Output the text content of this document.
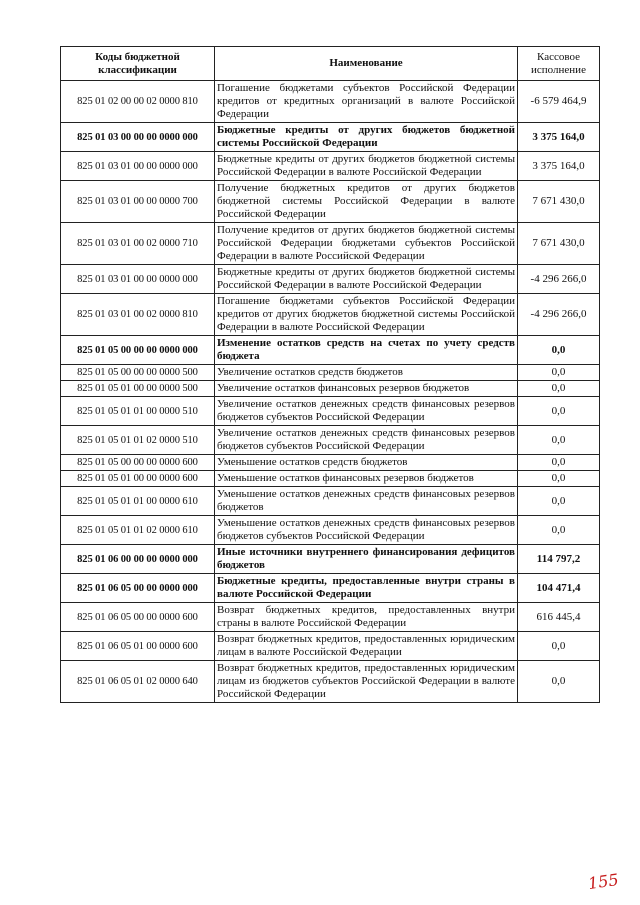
Коды бюджетной классификации	Наименование	Кассовое исполнение
825 01 02 00 00 02 0000 810	Погашение бюджетами субъектов Российской Федерации кредитов от кредитных организаций в валюте Российской Федерации	-6 579 464,9
825 01 03 00 00 00 0000 000	Бюджетные кредиты от других бюджетов бюджетной системы Российской Федерации	3 375 164,0
825 01 03 01 00 00 0000 000	Бюджетные кредиты от других бюджетов бюджетной системы Российской Федерации в валюте Российской Федерации	3 375 164,0
825 01 03 01 00 00 0000 700	Получение бюджетных кредитов от других бюджетов бюджетной системы Российской Федерации в валюте Российской Федерации	7 671 430,0
825 01 03 01 00 02 0000 710	Получение кредитов от других бюджетов бюджетной системы Российской Федерации бюджетами субъектов Российской Федерации в валюте Российской Федерации	7 671 430,0
825 01 03 01 00 00 0000 000	Бюджетные кредиты от других бюджетов бюджетной системы Российской Федерации в валюте Российской Федерации	-4 296 266,0
825 01 03 01 00 02 0000 810	Погашение бюджетами субъектов Российской Федерации кредитов от других бюджетов бюджетной системы Российской Федерации в валюте Российской Федерации	-4 296 266,0
825 01 05 00 00 00 0000 000	Изменение остатков средств на счетах по учету средств бюджета	0,0
825 01 05 00 00 00 0000 500	Увеличение остатков средств бюджетов	0,0
825 01 05 01 00 00 0000 500	Увеличение остатков финансовых резервов бюджетов	0,0
825 01 05 01 01 00 0000 510	Увеличение остатков денежных средств финансовых резервов бюджетов субъектов Российской Федерации	0,0
825 01 05 01 01 02 0000 510	Увеличение остатков денежных средств финансовых резервов бюджетов субъектов Российской Федерации	0,0
825 01 05 00 00 00 0000 600	Уменьшение остатков средств бюджетов	0,0
825 01 05 01 00 00 0000 600	Уменьшение остатков финансовых резервов бюджетов	0,0
825 01 05 01 01 00 0000 610	Уменьшение остатков денежных средств финансовых резервов бюджетов	0,0
825 01 05 01 01 02 0000 610	Уменьшение остатков денежных средств финансовых резервов бюджетов субъектов Российской Федерации	0,0
825 01 06 00 00 00 0000 000	Иные источники внутреннего финансирования дефицитов бюджетов	114 797,2
825 01 06 05 00 00 0000 000	Бюджетные кредиты, предоставленные внутри страны в валюте Российской Федерации	104 471,4
825 01 06 05 00 00 0000 600	Возврат бюджетных кредитов, предоставленных внутри страны в валюте Российской Федерации	616 445,4
825 01 06 05 01 00 0000 600	Возврат бюджетных кредитов, предоставленных юридическим лицам в валюте Российской Федерации	0,0
825 01 06 05 01 02 0000 640	Возврат бюджетных кредитов, предоставленных юридическим лицам из бюджетов субъектов Российской Федерации в валюте Российской Федерации	0,0
155
